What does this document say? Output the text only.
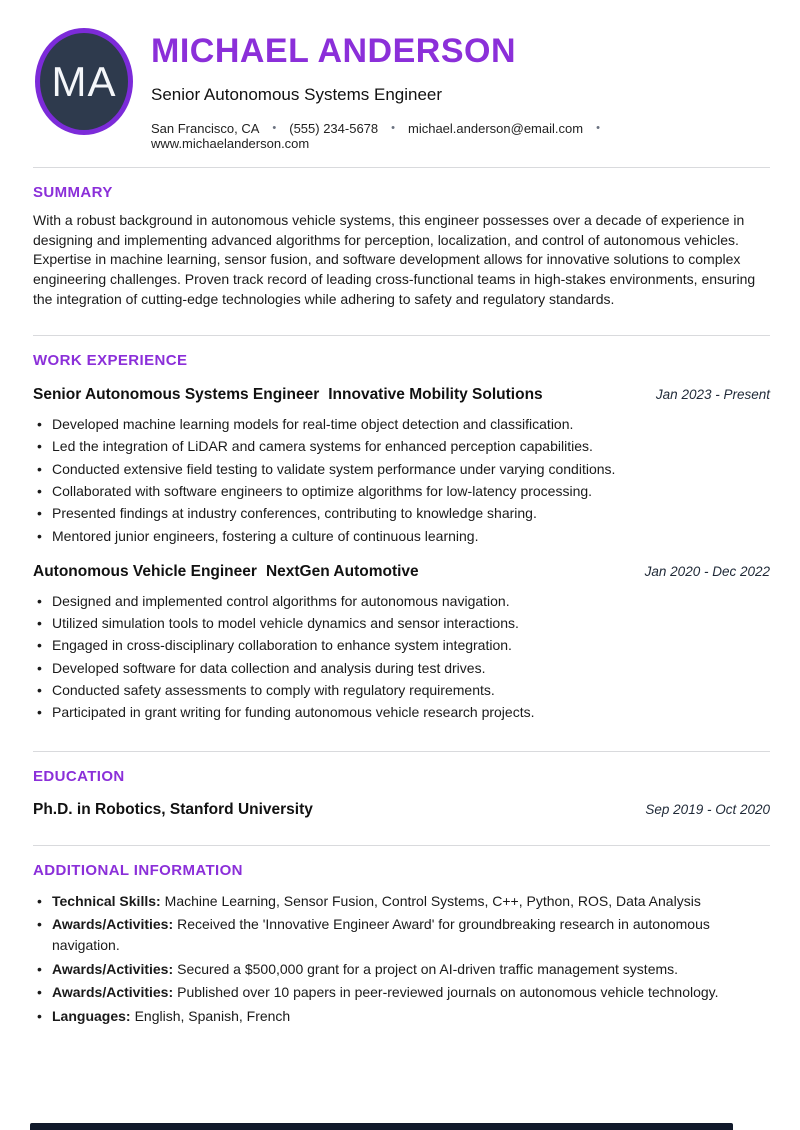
MA
MICHAEL ANDERSON
Senior Autonomous Systems Engineer
San Francisco, CA • (555) 234-5678 • michael.anderson@email.com •
www.michaelanderson.com
SUMMARY

With a robust background in autonomous vehicle systems, this engineer possesses over a decade of experience in designing and implementing advanced algorithms for perception, localization, and control of autonomous vehicles. Expertise in machine learning, sensor fusion, and software development allows for innovative solutions to complex engineering challenges. Proven track record of leading cross-functional teams in high-stakes environments, ensuring the integration of cutting-edge technologies while adhering to safety and regulatory standards.

WORK EXPERIENCE
Senior Autonomous Systems Engineer Innovative Mobility Solutions	Jan 2023 - Present
• Developed machine learning models for real-time object detection and classification.
• Led the integration of LiDAR and camera systems for enhanced perception capabilities.
• Conducted extensive field testing to validate system performance under varying conditions.
• Collaborated with software engineers to optimize algorithms for low-latency processing.
• Presented findings at industry conferences, contributing to knowledge sharing.
• Mentored junior engineers, fostering a culture of continuous learning.
Autonomous Vehicle Engineer NextGen Automotive	Jan 2020 - Dec 2022
• Designed and implemented control algorithms for autonomous navigation.
• Utilized simulation tools to model vehicle dynamics and sensor interactions.
• Engaged in cross-disciplinary collaboration to enhance system integration.
• Developed software for data collection and analysis during test drives.
• Conducted safety assessments to comply with regulatory requirements.
• Participated in grant writing for funding autonomous vehicle research projects.
EDUCATION
Ph.D. in Robotics, Stanford University	Sep 2019 - Oct 2020
ADDITIONAL INFORMATION
• Technical Skills: Machine Learning, Sensor Fusion, Control Systems, C++, Python, ROS, Data Analysis
• Awards/Activities: Received the 'Innovative Engineer Award' for groundbreaking research in autonomous navigation.
• Awards/Activities: Secured a $500,000 grant for a project on AI-driven traffic management systems.
• Awards/Activities: Published over 10 papers in peer-reviewed journals on autonomous vehicle technology.
• Languages: English, Spanish, French
